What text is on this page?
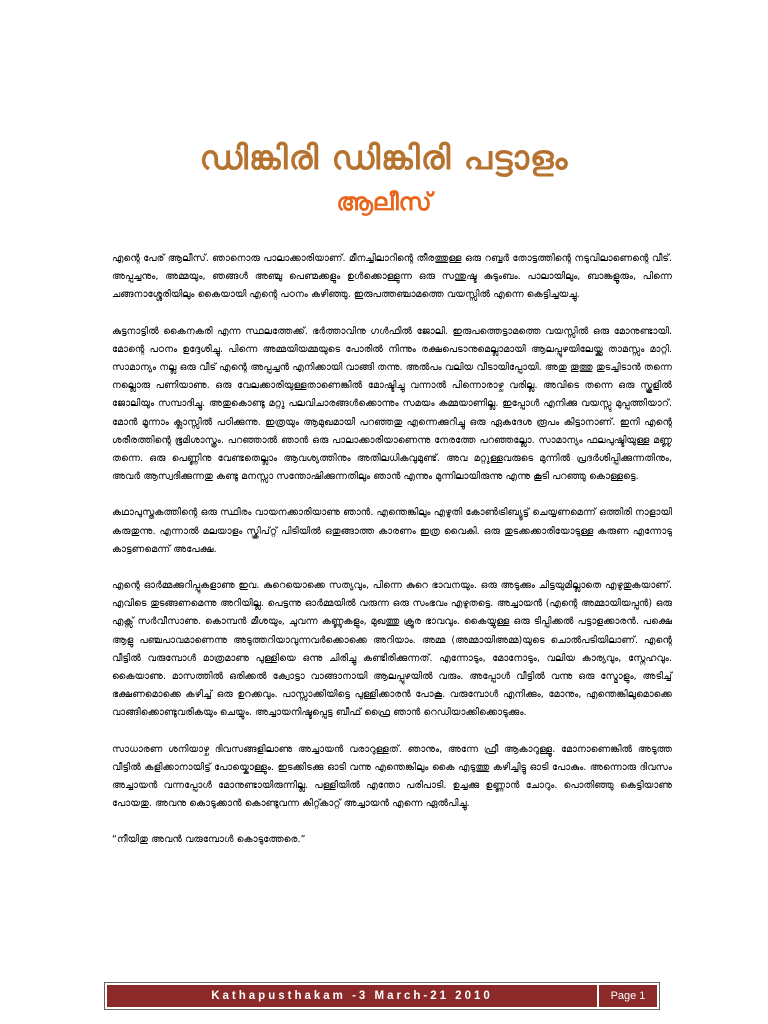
ഡിങ്കിരി ഡിങ്കിരി പട്ടാളം
ആലീസ്

എന്റെ പേര് ആലീസ്. ഞാനൊരു പാലാക്കാരിയാണ്. മീനച്ചിലാറിന്റെ തീരത്തുള്ള ഒരു റബ്ബർ തോട്ടത്തിന്റെ നടുവിലാണെന്റെ വീട്. അപ്പച്ചനും, അമ്മയും, ഞങ്ങൾ അഞ്ചു പെണ്മക്കളും ഉൾക്കൊള്ളുന്ന ഒരു സന്തുഷ്ട കുടുംബം. പാലായിലും, ബാങ്കളൂരും, പിന്നെ ചങ്ങനാശ്ശേരിയിലും കൈയായി എന്റെ പഠനം കഴിഞ്ഞു. ഇരുപത്തഞ്ചാമത്തെ വയസ്സിൽ എന്നെ കെട്ടിച്ചയച്ചു.

കുട്ടനാട്ടിൽ കൈനകരി എന്ന സ്ഥലത്തേക്ക്. ഭർത്താവിനു ഗൾഫിൽ ജോലി. ഇരുപത്തെട്ടാമത്തെ വയസ്സിൽ ഒരു മോനുണ്ടായി. മോന്റെ പഠനം ഉദ്ദേശിച്ചു. പിന്നെ അമ്മയിയമ്മയുടെ പോരിൽ നിന്നും രക്ഷപെടാനുമെല്ലാമായി ആലപ്പുഴയിലേയ്ക്കു താമസ്സം മാറ്റി. സാമാന്യം നല്ല ഒരു വീട് എന്റെ അപ്പച്ചൻ എനിക്കായി വാങ്ങി തന്നു. അൽപം വലിയ വീടായിപ്പോയി. അതു തൂത്തു തുടച്ചിടാൻ തന്നെ നല്ലൊരു പണിയാണു. ഒരു വേലക്കാരിയുള്ളതാണെങ്കിൽ മോഷ്ടിച്ചു വന്നാൽ പിന്നൊരാഴ്ച വരില്ല. അവിടെ തന്നെ ഒരു സ്കൂളിൽ ജോലിയും സമ്പാദിച്ചു. അതുകൊണ്ടു മറ്റു പലവിചാരങ്ങൾക്കൊന്നും സമയം കമ്മയാണില്ല. ഇപ്പോൾ എനിക്കു വയസ്സു മുപ്പത്തിയാറ്. മോൻ മൂന്നാം ക്ലാസ്സിൽ പഠിക്കുന്നു. ഇത്രയും ആമുഖമായി പറഞ്ഞതു എന്നെക്കുറിച്ചു ഒരു ഏകദേശ രൂപം കിട്ടാനാണ്. ഇനി എന്റെ ശരീരത്തിന്റെ ഭൂമിശാസ്ത്രം. പറഞ്ഞാൽ ഞാൻ ഒരു പാലാക്കാരിയാണെന്നു നേരത്തേ പറഞ്ഞല്ലോ. സാമാന്യം ഫലപുഷ്ടിയുള്ള മണ്ണു തന്നെ. ഒരു പെണ്ണിനു വേണ്ടതെല്ലാം ആവശ്യത്തിനും അതിലധികവുമുണ്ട്. അവ മറ്റുള്ളവരുടെ മുന്നിൽ പ്രദർശിപ്പിക്കുന്നതിനും, അവർ ആസ്വദിക്കുന്നതു കണ്ടു മനസ്സാ സന്തോഷിക്കുന്നതിലും ഞാൻ എന്നും മുന്നിലായിരുന്നു എന്നു കൂടി പറഞ്ഞു കൊള്ളട്ടെ.

കഥാപുസ്തകത്തിന്റെ ഒരു സ്ഥിരം വായനക്കാരിയാണു ഞാൻ. എന്തെങ്കിലും എഴുതി കോൺട്രിബ്യൂട്ട് ചെയ്യണമെന്ന് ഒത്തിരി നാളായി കരുതുന്നു. എന്നാൽ മലയാളം സ്ക്രിപ്റ്റ് പിടിയിൽ ഒതുങ്ങാത്ത കാരണം ഇത്ര വൈകി. ഒരു തുടക്കക്കാരിയോടുള്ള കരുണ എന്നോടു കാട്ടണമെന്ന് അപേക്ഷ.

എന്റെ ഓർമ്മക്കുറിപ്പുകളാണു ഇവ. കുറെയൊക്കെ സത്യവും, പിന്നെ കുറെ ഭാവനയും. ഒരു അടുക്കും ചിട്ടയുമില്ലാതെ എഴുതുകയാണ്. എവിടെ തുടങ്ങണമെന്നു അറിയില്ല. പെട്ടന്നു ഓർമ്മയിൽ വരുന്ന ഒരു സംഭവം എഴുതട്ടെ. അച്ചായൻ (എന്റെ അമ്മായിയപ്പൻ) ഒരു എക്സ് സർവീസാണു. കൊമ്പൻ മീശയും, ചുവന്ന കണ്ണുകളും, മുഖത്തു ക്രൂര ഭാവവും. കൈയ്യുള്ള ഒരു ടിപ്പിക്കൽ പട്ടാളക്കാരൻ. പക്ഷെ ആളു പഞ്ചപാവമാണെന്നു അടുത്തറിയാവുന്നവർക്കൊക്കെ അറിയാം. അമ്മ (അമ്മായിഅമ്മ)യുടെ ചൊൽപടിയിലാണ്. എന്റെ വീട്ടിൽ വരുമ്പോൾ മാത്രമാണു പുള്ളിയെ ഒന്നു ചിരിച്ചു കണ്ടിരിക്കുന്നത്. എന്നോടും, മോനോടും, വലിയ കാര്യവും, സ്നേഹവും. കൈയാണു. മാസത്തിൽ ഒരിക്കൽ ക്വോട്ടാ വാങ്ങാനായി ആലപ്പുഴയിൽ വരും. അപ്പോൾ വീട്ടിൽ വന്നു ഒരു സ്മോളും, അടിച്ച് ഭക്ഷണമൊക്കെ കഴിച്ച് ഒരു ഉറക്കവും. പാസ്സാക്കിയിട്ടെ പുള്ളിക്കാരൻ പോകൂ. വരുമ്പോൾ എനിക്കും, മോനും, എന്തെങ്കിലുമൊക്കെ വാങ്ങിക്കൊണ്ടുവരികയും ചെയ്യും. അച്ചായനിഷ്ടപ്പെട്ട ബീഫ് ഫ്രൈ ഞാൻ റെഡിയാക്കിക്കൊടുക്കും.

സാധാരണ ശനിയാഴ്ച ദിവസങ്ങളിലാണു അച്ചായൻ വരാറുള്ളത്. ഞാനും, അന്നേ ഫ്രീ ആകാറുള്ളൂ. മോനാണെങ്കിൽ അടുത്ത വീട്ടിൽ കളിക്കാനായിട്ട് പോയ്കൊള്ളും. ഇടക്കിടക്കു ഓടി വന്നു എന്തെങ്കിലും കൈ എടുത്തു കഴിച്ചിട്ടു ഓടി പോകും. അന്നൊരു ദിവസം അച്ചായൻ വന്നപ്പോൾ മോനുണ്ടായിരുന്നില്ല. പള്ളിയിൽ എന്തോ പരിപാടി. ഉച്ചക്കു ഉണ്ണാൻ ചോറും. പൊതിഞ്ഞു കെട്ടിയാണു പോയതു. അവനു കൊടുക്കാൻ കൊണ്ടുവന്ന കിറ്റ്കാറ്റ് അച്ചായൻ എന്നെ ഏൽപിച്ചു.

“നീയിതു അവൻ വരുമ്പോൾ കൊടുത്തേരെ.”

Kathapusthakam -3 March-21 2010	Page 1
